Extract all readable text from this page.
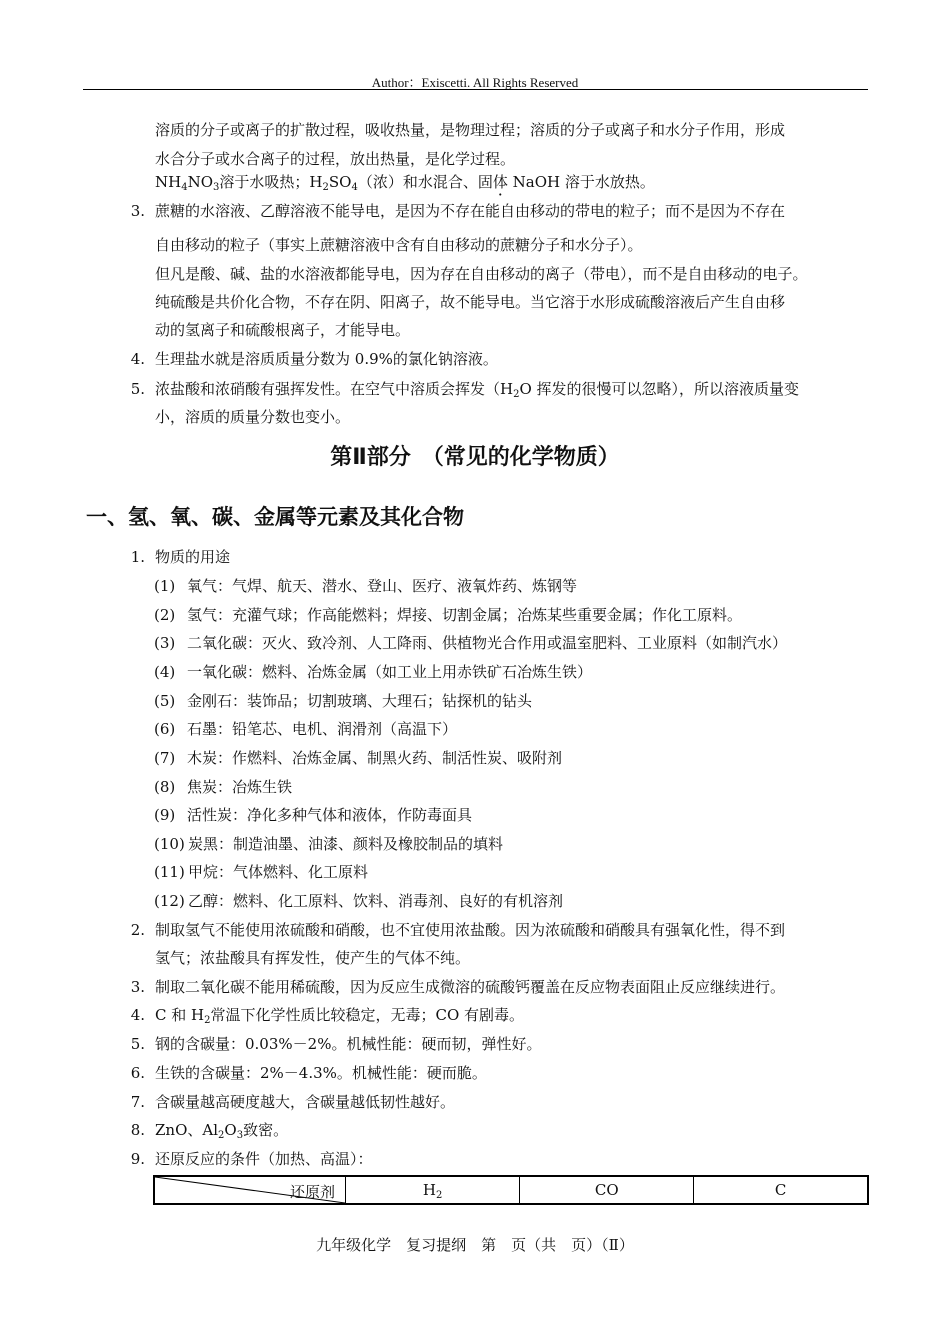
Author：Exiscetti. All Rights Reserved
溶质的分子或离子的扩散过程，吸收热量，是物理过程；溶质的分子或离子和水分子作用，形成
水合分子或水合离子的过程，放出热量，是化学过程。
$NH_4NO_3$溶于水吸热；$H_2SO_4$（浓）和水混合、固体 NaOH 溶于水放热。
3. 蔗糖的水溶液、乙醇溶液不能导电，是因为不存在能自由移动的带电的粒子；而不是因为不存在
自由移动的粒子（事实上蔗糖溶液中含有自由移动的蔗糖分子和水分子）。
但凡是酸、碱、盐的水溶液都能导电，因为存在自由移动的离子（带电），而不是自由移动的电子。
纯硫酸是共价化合物，不存在阴、阳离子，故不能导电。当它溶于水形成硫酸溶液后产生自由移
动的氢离子和硫酸根离子，才能导电。
4. 生理盐水就是溶质质量分数为 0.9%的氯化钠溶液。
5. 浓盐酸和浓硝酸有强挥发性。在空气中溶质会挥发（$H_2O$ 挥发的很慢可以忽略），所以溶液质量变
小，溶质的质量分数也变小。
第Ⅱ部分　（常见的化学物质）
一、氢、氧、碳、金属等元素及其化合物
1. 物质的用途
(1) 氧气：气焊、航天、潜水、登山、医疗、液氧炸药、炼钢等
(2) 氢气：充灌气球；作高能燃料；焊接、切割金属；冶炼某些重要金属；作化工原料。
(3) 二氧化碳：灭火、致冷剂、人工降雨、供植物光合作用或温室肥料、工业原料（如制汽水）
(4) 一氧化碳：燃料、冶炼金属（如工业上用赤铁矿石冶炼生铁）
(5) 金刚石：装饰品；切割玻璃、大理石；钻探机的钻头
(6) 石墨：铅笔芯、电机、润滑剂（高温下）
(7) 木炭：作燃料、冶炼金属、制黑火药、制活性炭、吸附剂
(8) 焦炭：冶炼生铁
(9) 活性炭：净化多种气体和液体，作防毒面具
(10) 炭黑：制造油墨、油漆、颜料及橡胶制品的填料
(11) 甲烷：气体燃料、化工原料
(12) 乙醇：燃料、化工原料、饮料、消毒剂、良好的有机溶剂
2. 制取氢气不能使用浓硫酸和硝酸，也不宜使用浓盐酸。因为浓硫酸和硝酸具有强氧化性，得不到
氢气；浓盐酸具有挥发性，使产生的气体不纯。
3. 制取二氧化碳不能用稀硫酸，因为反应生成微溶的硫酸钙覆盖在反应物表面阻止反应继续进行。
4. C 和 $H_2$常温下化学性质比较稳定，无毒；CO 有剧毒。
5. 钢的含碳量：0.03%－2%。机械性能：硬而韧，弹性好。
6. 生铁的含碳量：2%－4.3%。机械性能：硬而脆。
7. 含碳量越高硬度越大，含碳量越低韧性越好。
8. ZnO、$Al_2O_3$致密。
9. 还原反应的条件（加热、高温）：
还原剂	$H_2$	CO	C
九年级化学　复习提纲　第　页（共　页）（Ⅱ）
